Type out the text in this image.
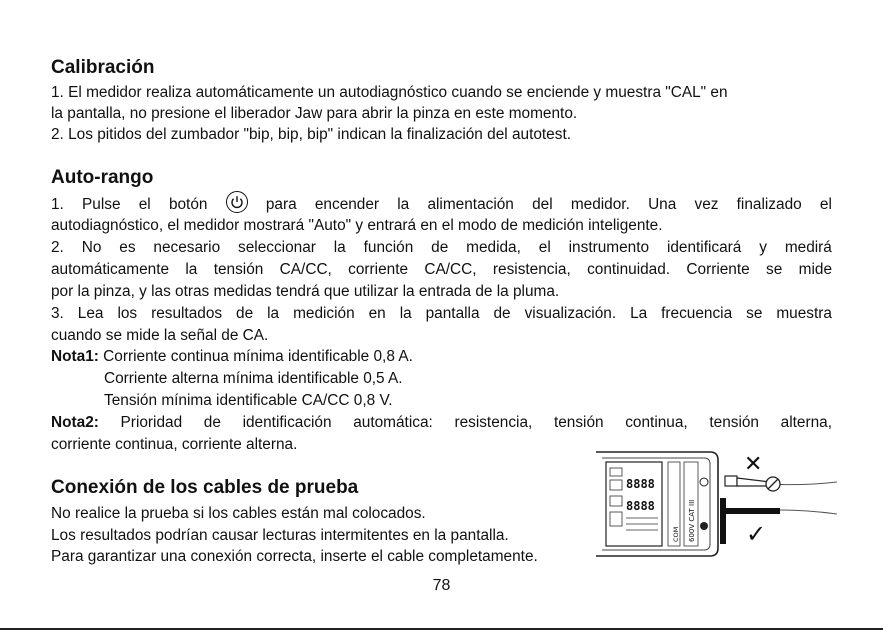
Calibración

1. El medidor realiza automáticamente un autodiagnóstico cuando se enciende y muestra "CAL" en

la pantalla, no presione el liberador Jaw para abrir la pinza en este momento.

2. Los pitidos del zumbador "bip, bip, bip" indican la finalización del autotest.

Auto-rango
1. Pulse el botón	para encender la alimentación del medidor. Una vez finalizado el

autodiagnóstico, el medidor mostrará "Auto" y entrará en el modo de medición inteligente.

2. No es necesario seleccionar la función de medida, el instrumento identificará y medirá
automáticamente la tensión CA/CC, corriente CA/CC, resistencia, continuidad. Corriente se mide

por la pinza, y las otras medidas tendrá que utilizar la entrada de la pluma.

3. Lea los resultados de la medición en la pantalla de visualización. La frecuencia se muestra

cuando se mide la señal de CA.

Nota1: Corriente continua mínima identificable 0,8 A.

Corriente alterna mínima identificable 0,5 A.

Tensión mínima identificable CA/CC 0,8 V.

Nota2: Prioridad de identificación automática: resistencia, tensión continua, tensión alterna,

corriente continua, corriente alterna.

Conexión de los cables de prueba

No realice la prueba si los cables están mal colocados.

Los resultados podrían causar lecturas intermitentes en la pantalla.

Para garantizar una conexión correcta, inserte el cable completamente.

8888
8888	600V CAT III
COM
✕
✓
78
